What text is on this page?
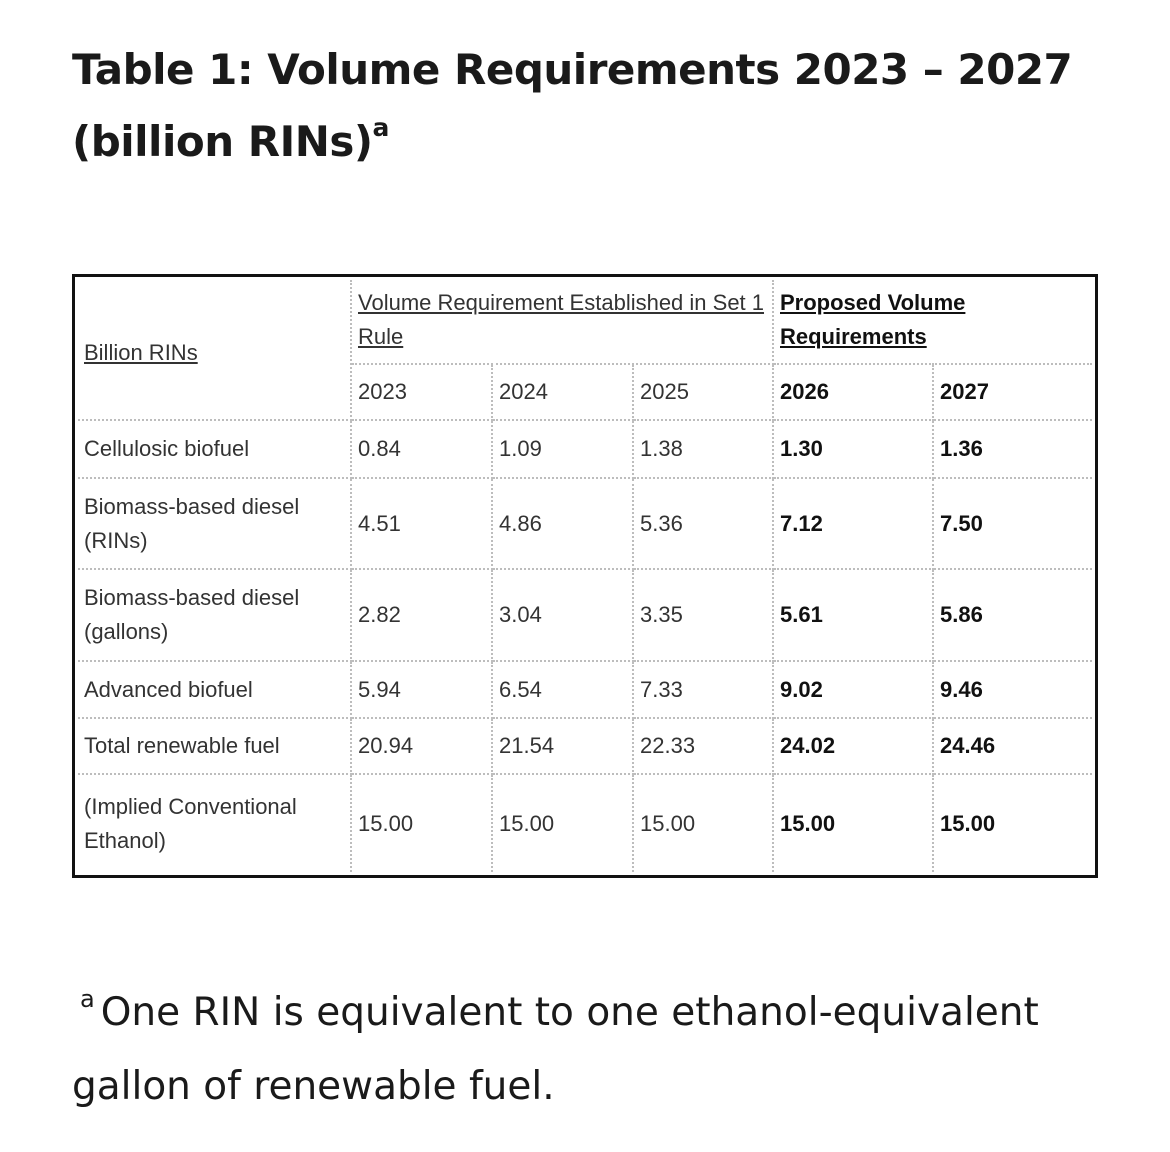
Table 1: Volume Requirements 2023 – 2027
(billion RINs)$^a$
Billion RINs	Volume Requirement Established in Set 1 Rule			Proposed Volume Requirements	
	2023	2024	2025	2026	2027
Cellulosic biofuel	0.84	1.09	1.38	1.30	1.36
Biomass-based diesel (RINs)	4.51	4.86	5.36	7.12	7.50
Biomass-based diesel (gallons)	2.82	3.04	3.35	5.61	5.86
Advanced biofuel	5.94	6.54	7.33	9.02	9.46
Total renewable fuel	20.94	21.54	22.33	24.02	24.46
(Implied Conventional Ethanol)	15.00	15.00	15.00	15.00	15.00

$^a$ One RIN is equivalent to one ethanol-equivalent gallon of renewable fuel.
